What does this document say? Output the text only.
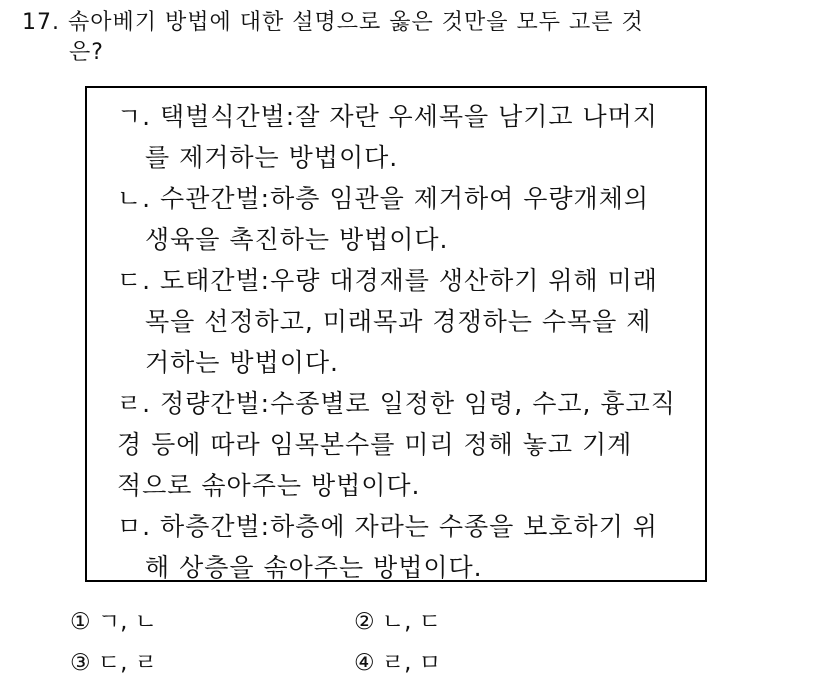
17. 솎아베기 방법에 대한 설명으로 옳은 것만을 모두 고른 것
은?
ㄱ. 택벌식간벌:잘 자란 우세목을 남기고 나머지
를 제거하는 방법이다.
ㄴ. 수관간벌:하층 임관을 제거하여 우량개체의
생육을 촉진하는 방법이다.
ㄷ. 도태간벌:우량 대경재를 생산하기 위해 미래
목을 선정하고, 미래목과 경쟁하는 수목을 제
거하는 방법이다.
ㄹ. 정량간벌:수종별로 일정한 임령, 수고, 흉고직
경 등에 따라 임목본수를 미리 정해 놓고 기계
적으로 솎아주는 방법이다.
ㅁ. 하층간벌:하층에 자라는 수종을 보호하기 위
해 상층을 솎아주는 방법이다.
① ㄱ, ㄴ	② ㄴ, ㄷ
③ ㄷ, ㄹ	④ ㄹ, ㅁ
